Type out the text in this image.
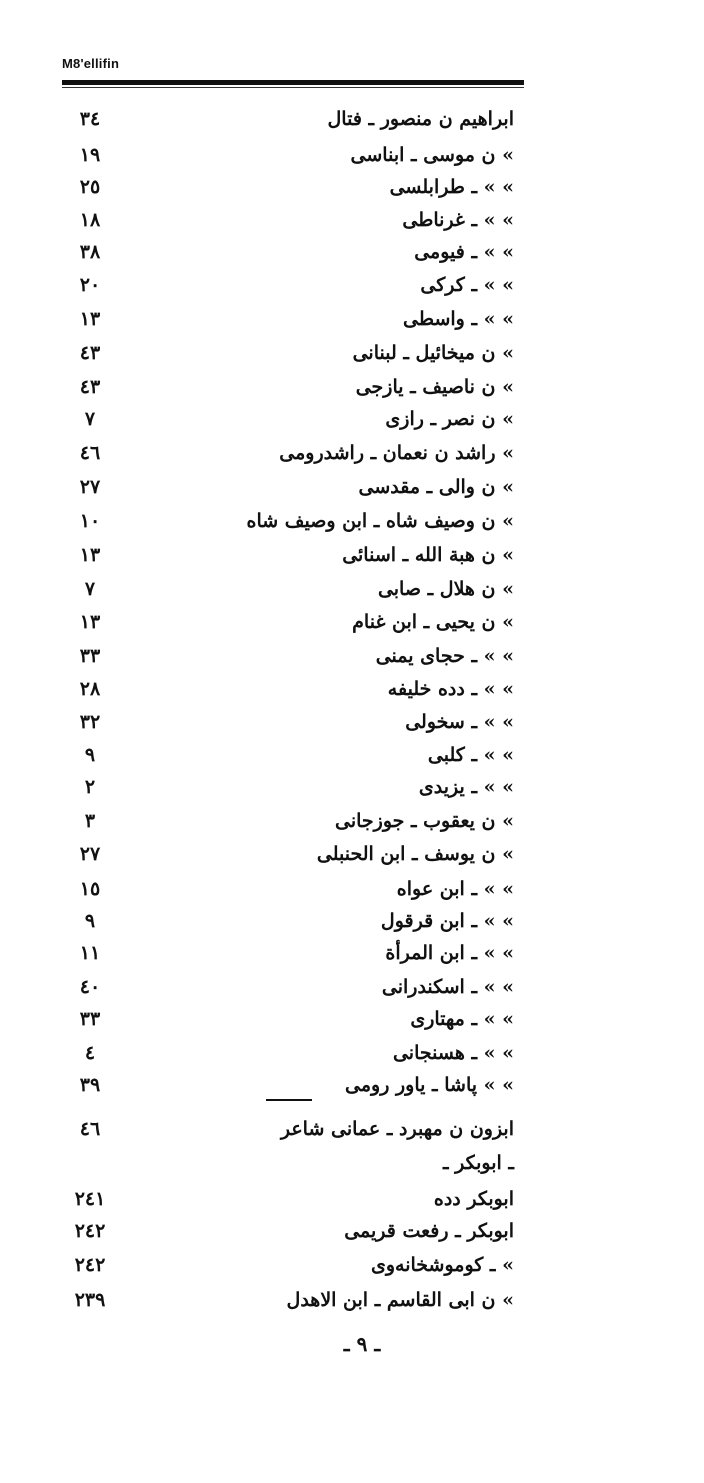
M8'ellifin
٣٤	ابراهيم ن منصور ـ فتال
١٩	» ن موسى ـ ابناسى
٢٥	» » ـ طرابلسى
١٨	» » ـ غرناطى
٣٨	» » ـ فيومى
٢٠	» » ـ كركى
١٣	» » ـ واسطى
٤٣	» ن ميخائيل ـ لبنانى
٤٣	» ن ناصيف ـ يازجى
٧	» ن نصر ـ رازى
٤٦	» راشد ن نعمان ـ راشدرومى
٢٧	» ن والى ـ مقدسى
١٠	» ن وصيف شاه ـ ابن وصيف شاه
١٣	» ن هبة الله ـ اسنائى
٧	» ن هلال ـ صابى
١٣	» ن يحيى ـ ابن غنام
٣٣	» » ـ حجاى يمنى
٢٨	» » ـ دده خليفه
٣٢	» » ـ سخولى
٩	» » ـ كلبى
٢	» » ـ يزيدى
٣	» ن يعقوب ـ جوزجانى
٢٧	» ن يوسف ـ ابن الحنبلى
١٥	» » ـ ابن عواه
٩	» » ـ ابن قرقول
١١	» » ـ ابن المرأة
٤٠	» » ـ اسكندرانى
٣٣	» » ـ مهتارى
٤	» » ـ هسنجانى
٣٩	» » پاشا ـ ياور رومى
٤٦	ابزون ن مهبرد ـ عمانى شاعر
ـ ابوبكر ـ
٢٤١	ابوبكر دده
٢٤٢	ابوبكر ـ رفعت قريمى
٢٤٢	» ـ كوموشخانه‌وى
٢٣٩	» ن ابى القاسم ـ ابن الاهدل
ـ ٩ ـ
